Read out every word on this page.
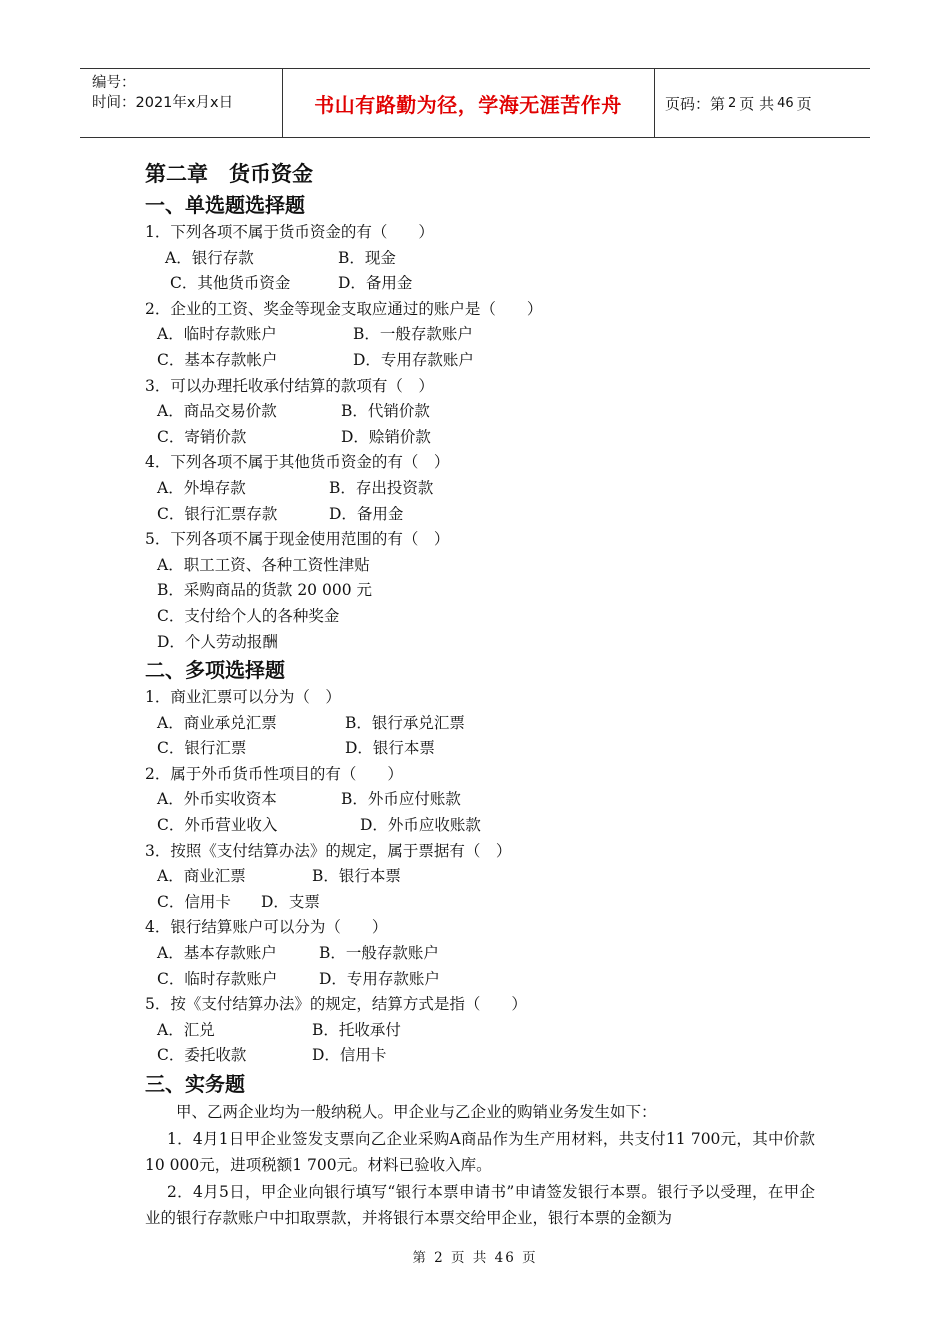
编号：
时间：2021年x月x日	书山有路勤为径，学海无涯苦作舟	页码：第 2 页 共 46 页
第二章　货币资金
一、单选题选择题
1．下列各项不属于货币资金的有（　　）
A．银行存款	B．现金
C．其他货币资金	D．备用金
2．企业的工资、奖金等现金支取应通过的账户是（　　）
A．临时存款账户	B．一般存款账户
C．基本存款帐户	D．专用存款账户
3．可以办理托收承付结算的款项有（　）
A．商品交易价款	B．代销价款
C．寄销价款	D．赊销价款
4．下列各项不属于其他货币资金的有（　）
A．外埠存款	B．存出投资款
C．银行汇票存款	D．备用金
5．下列各项不属于现金使用范围的有（　）
A．职工工资、各种工资性津贴
B．采购商品的货款 20 000 元
C．支付给个人的各种奖金
D．个人劳动报酬
二、多项选择题
1．商业汇票可以分为（　）
A．商业承兑汇票	B．银行承兑汇票
C．银行汇票	D．银行本票
2．属于外币货币性项目的有（　　）
A．外币实收资本	B．外币应付账款
C．外币营业收入	D．外币应收账款
3．按照《支付结算办法》的规定，属于票据有（　）
A．商业汇票	B．银行本票
C．信用卡 D．支票
4．银行结算账户可以分为（　　）
A．基本存款账户	B．一般存款账户
C．临时存款账户	D．专用存款账户
5．按《支付结算办法》的规定，结算方式是指（　　）
A．汇兑	B．托收承付
C．委托收款	D．信用卡
三、实务题
甲、乙两企业均为一般纳税人。甲企业与乙企业的购销业务发生如下：
1．4月1日甲企业签发支票向乙企业采购A商品作为生产用材料，共支付11 700元，其中价款10 000元，进项税额1 700元。材料已验收入库。
2．4月5日，甲企业向银行填写“银行本票申请书”申请签发银行本票。银行予以受理，在甲企业的银行存款账户中扣取票款，并将银行本票交给甲企业，银行本票的金额为
第 2 页 共 46 页
